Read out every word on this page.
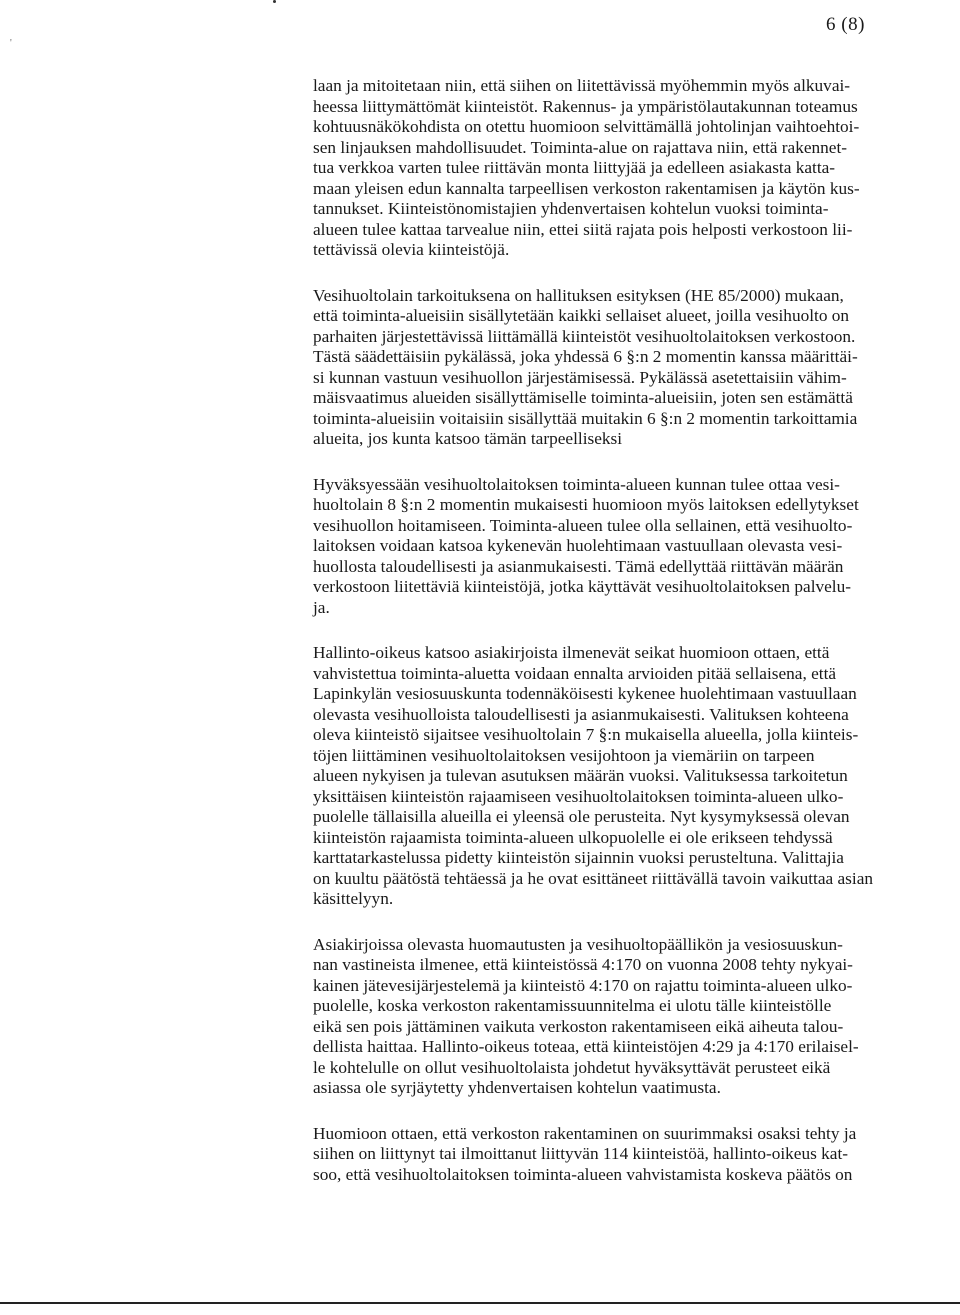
'
6 (8)

laan ja mitoitetaan niin, että siihen on liitettävissä myöhemmin myös alkuvai-
heessa liittymättömät kiinteistöt. Rakennus- ja ympäristölautakunnan toteamus
kohtuusnäkökohdista on otettu huomioon selvittämällä johtolinjan vaihtoehtoi-
sen linjauksen mahdollisuudet. Toiminta-alue on rajattava niin, että rakennet-
tua verkkoa varten tulee riittävän monta liittyjää ja edelleen asiakasta katta-
maan yleisen edun kannalta tarpeellisen verkoston rakentamisen ja käytön kus-
tannukset. Kiinteistönomistajien yhdenvertaisen kohtelun vuoksi toiminta-
alueen tulee kattaa tarvealue niin, ettei siitä rajata pois helposti verkostoon lii-
tettävissä olevia kiinteistöjä.

Vesihuoltolain tarkoituksena on hallituksen esityksen (HE 85/2000) mukaan,
että toiminta-alueisiin sisällytetään kaikki sellaiset alueet, joilla vesihuolto on
parhaiten järjestettävissä liittämällä kiinteistöt vesihuoltolaitoksen verkostoon.
Tästä säädettäisiin pykälässä, joka yhdessä 6 §:n 2 momentin kanssa määrittäi-
si kunnan vastuun vesihuollon järjestämisessä. Pykälässä asetettaisiin vähim-
mäisvaatimus alueiden sisällyttämiselle toiminta-alueisiin, joten sen estämättä
toiminta-alueisiin voitaisiin sisällyttää muitakin 6 §:n 2 momentin tarkoittamia
alueita, jos kunta katsoo tämän tarpeelliseksi

Hyväksyessään vesihuoltolaitoksen toiminta-alueen kunnan tulee ottaa vesi-
huoltolain 8 §:n 2 momentin mukaisesti huomioon myös laitoksen edellytykset
vesihuollon hoitamiseen. Toiminta-alueen tulee olla sellainen, että vesihuolto-
laitoksen voidaan katsoa kykenevän huolehtimaan vastuullaan olevasta vesi-
huollosta taloudellisesti ja asianmukaisesti. Tämä edellyttää riittävän määrän
verkostoon liitettäviä kiinteistöjä, jotka käyttävät vesihuoltolaitoksen palvelu-
ja.

Hallinto-oikeus katsoo asiakirjoista ilmenevät seikat huomioon ottaen, että
vahvistettua toiminta-aluetta voidaan ennalta arvioiden pitää sellaisena, että
Lapinkylän vesiosuuskunta todennäköisesti kykenee huolehtimaan vastuullaan
olevasta vesihuolloista taloudellisesti ja asianmukaisesti. Valituksen kohteena
oleva kiinteistö sijaitsee vesihuoltolain 7 §:n mukaisella alueella, jolla kiinteis-
töjen liittäminen vesihuoltolaitoksen vesijohtoon ja viemäriin on tarpeen
alueen nykyisen ja tulevan asutuksen määrän vuoksi. Valituksessa tarkoitetun
yksittäisen kiinteistön rajaamiseen vesihuoltolaitoksen toiminta-alueen ulko-
puolelle tällaisilla alueilla ei yleensä ole perusteita. Nyt kysymyksessä olevan
kiinteistön rajaamista toiminta-alueen ulkopuolelle ei ole erikseen tehdyssä
karttatarkastelussa pidetty kiinteistön sijainnin vuoksi perusteltuna. Valittajia
on kuultu päätöstä tehtäessä ja he ovat esittäneet riittävällä tavoin vaikuttaa asian
käsittelyyn.

Asiakirjoissa olevasta huomautusten ja vesihuoltopäällikön ja vesiosuuskun-
nan vastineista ilmenee, että kiinteistössä 4:170 on vuonna 2008 tehty nykyai-
kainen jätevesijärjestelemä ja kiinteistö 4:170 on rajattu toiminta-alueen ulko-
puolelle, koska verkoston rakentamissuunnitelma ei ulotu tälle kiinteistölle
eikä sen pois jättäminen vaikuta verkoston rakentamiseen eikä aiheuta talou-
dellista haittaa. Hallinto-oikeus toteaa, että kiinteistöjen 4:29 ja 4:170 erilaisel-
le kohtelulle on ollut vesihuoltolaista johdetut hyväksyttävät perusteet eikä
asiassa ole syrjäytetty yhdenvertaisen kohtelun vaatimusta.

Huomioon ottaen, että verkoston rakentaminen on suurimmaksi osaksi tehty ja
siihen on liittynyt tai ilmoittanut liittyvän 114 kiinteistöä, hallinto-oikeus kat-
soo, että vesihuoltolaitoksen toiminta-alueen vahvistamista koskeva päätös on
